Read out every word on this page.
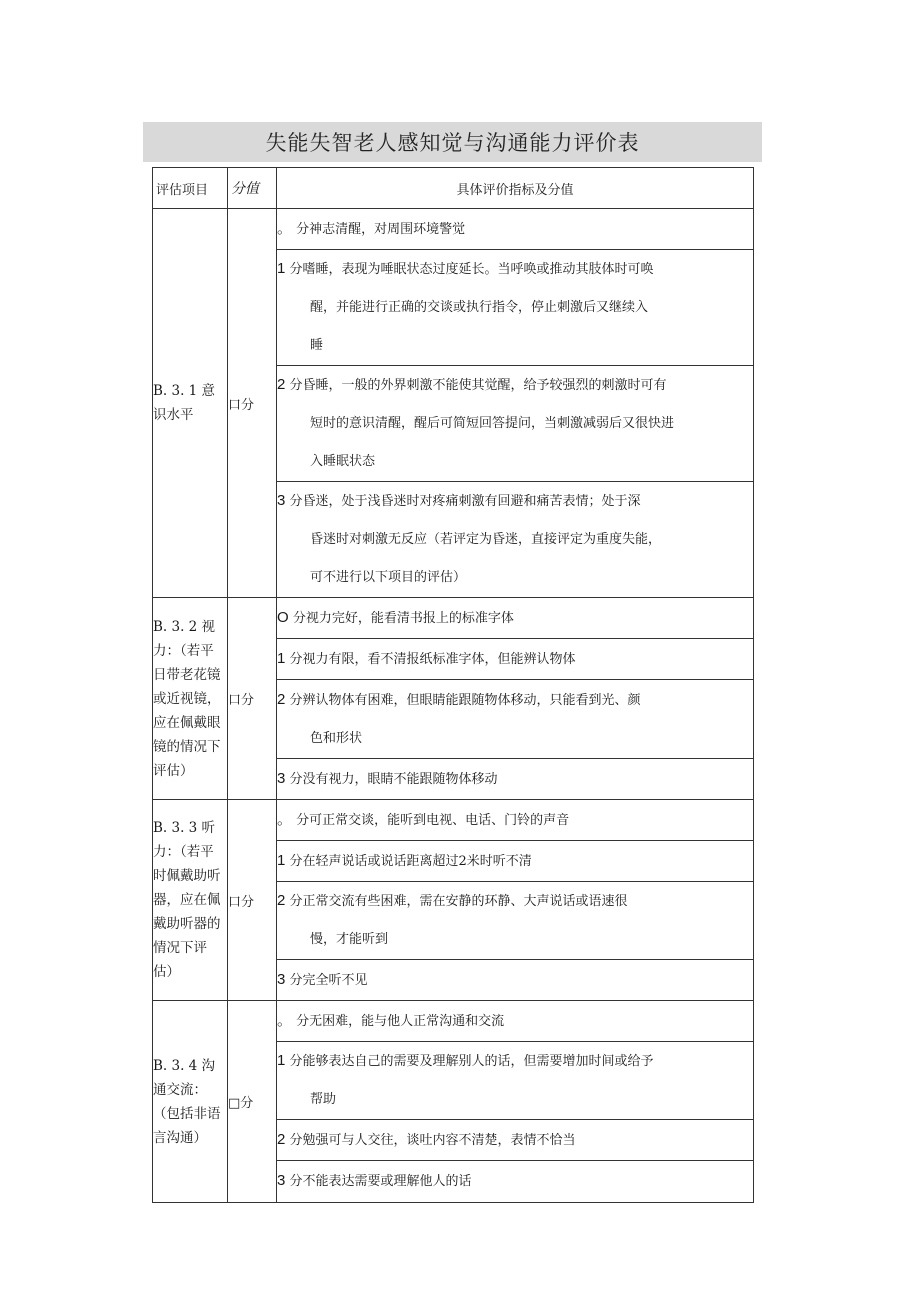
失能失智老人感知觉与沟通能力评价表
评估项目	分值	具体评价指标及分值
B. 3. 1 意识水平	口分	。 分神志清醒，对周围环境警觉

		1 分嗜睡，表现为唾眠状态过度延长。当呼唤或推动其肢体时可唤
醒，并能进行正确的交谈或执行指令，停止刺激后又继续入
睡

		2 分昏睡，一般的外界刺激不能使其觉醒，给予较强烈的刺激时可有
短时的意识清醒，醒后可简短回答提问，当刺激减弱后又很快进
入睡眠状态

		3 分昏迷，处于浅昏迷时对疼痛刺激有回避和痛苦表情；处于深
昏迷时对刺激无反应（若评定为昏迷，直接评定为重度失能，
可不进行以下项目的评估）

B. 3. 2 视力：（若平日带老花镜或近视镜，应在佩戴眼镜的情况下评估）	口分	O 分视力完好，能看清书报上的标准字体

		1 分视力有限，看不清报纸标准字体，但能辨认物体

		2 分辨认物体有困难，但眼睛能跟随物体移动，只能看到光、颜
色和形状

		3 分没有视力，眼睛不能跟随物体移动

B. 3. 3 听力：（若平时佩戴助听器，应在佩戴助听器的情况下评估）	口分	。 分可正常交谈，能听到电视、电话、门铃的声音

		1 分在轻声说话或说话距离超过2米时听不清

		2 分正常交流有些困难，需在安静的环静、大声说话或语速很
慢，才能听到

		3 分完全听不见

B. 3. 4 沟通交流：（包括非语言沟通）	□分	。 分无困难，能与他人正常沟通和交流

		1 分能够表达自己的需要及理解别人的话，但需要增加时间或给予
帮助

		2 分勉强可与人交往，谈吐内容不清楚，表情不恰当

		3 分不能表达需要或理解他人的话
